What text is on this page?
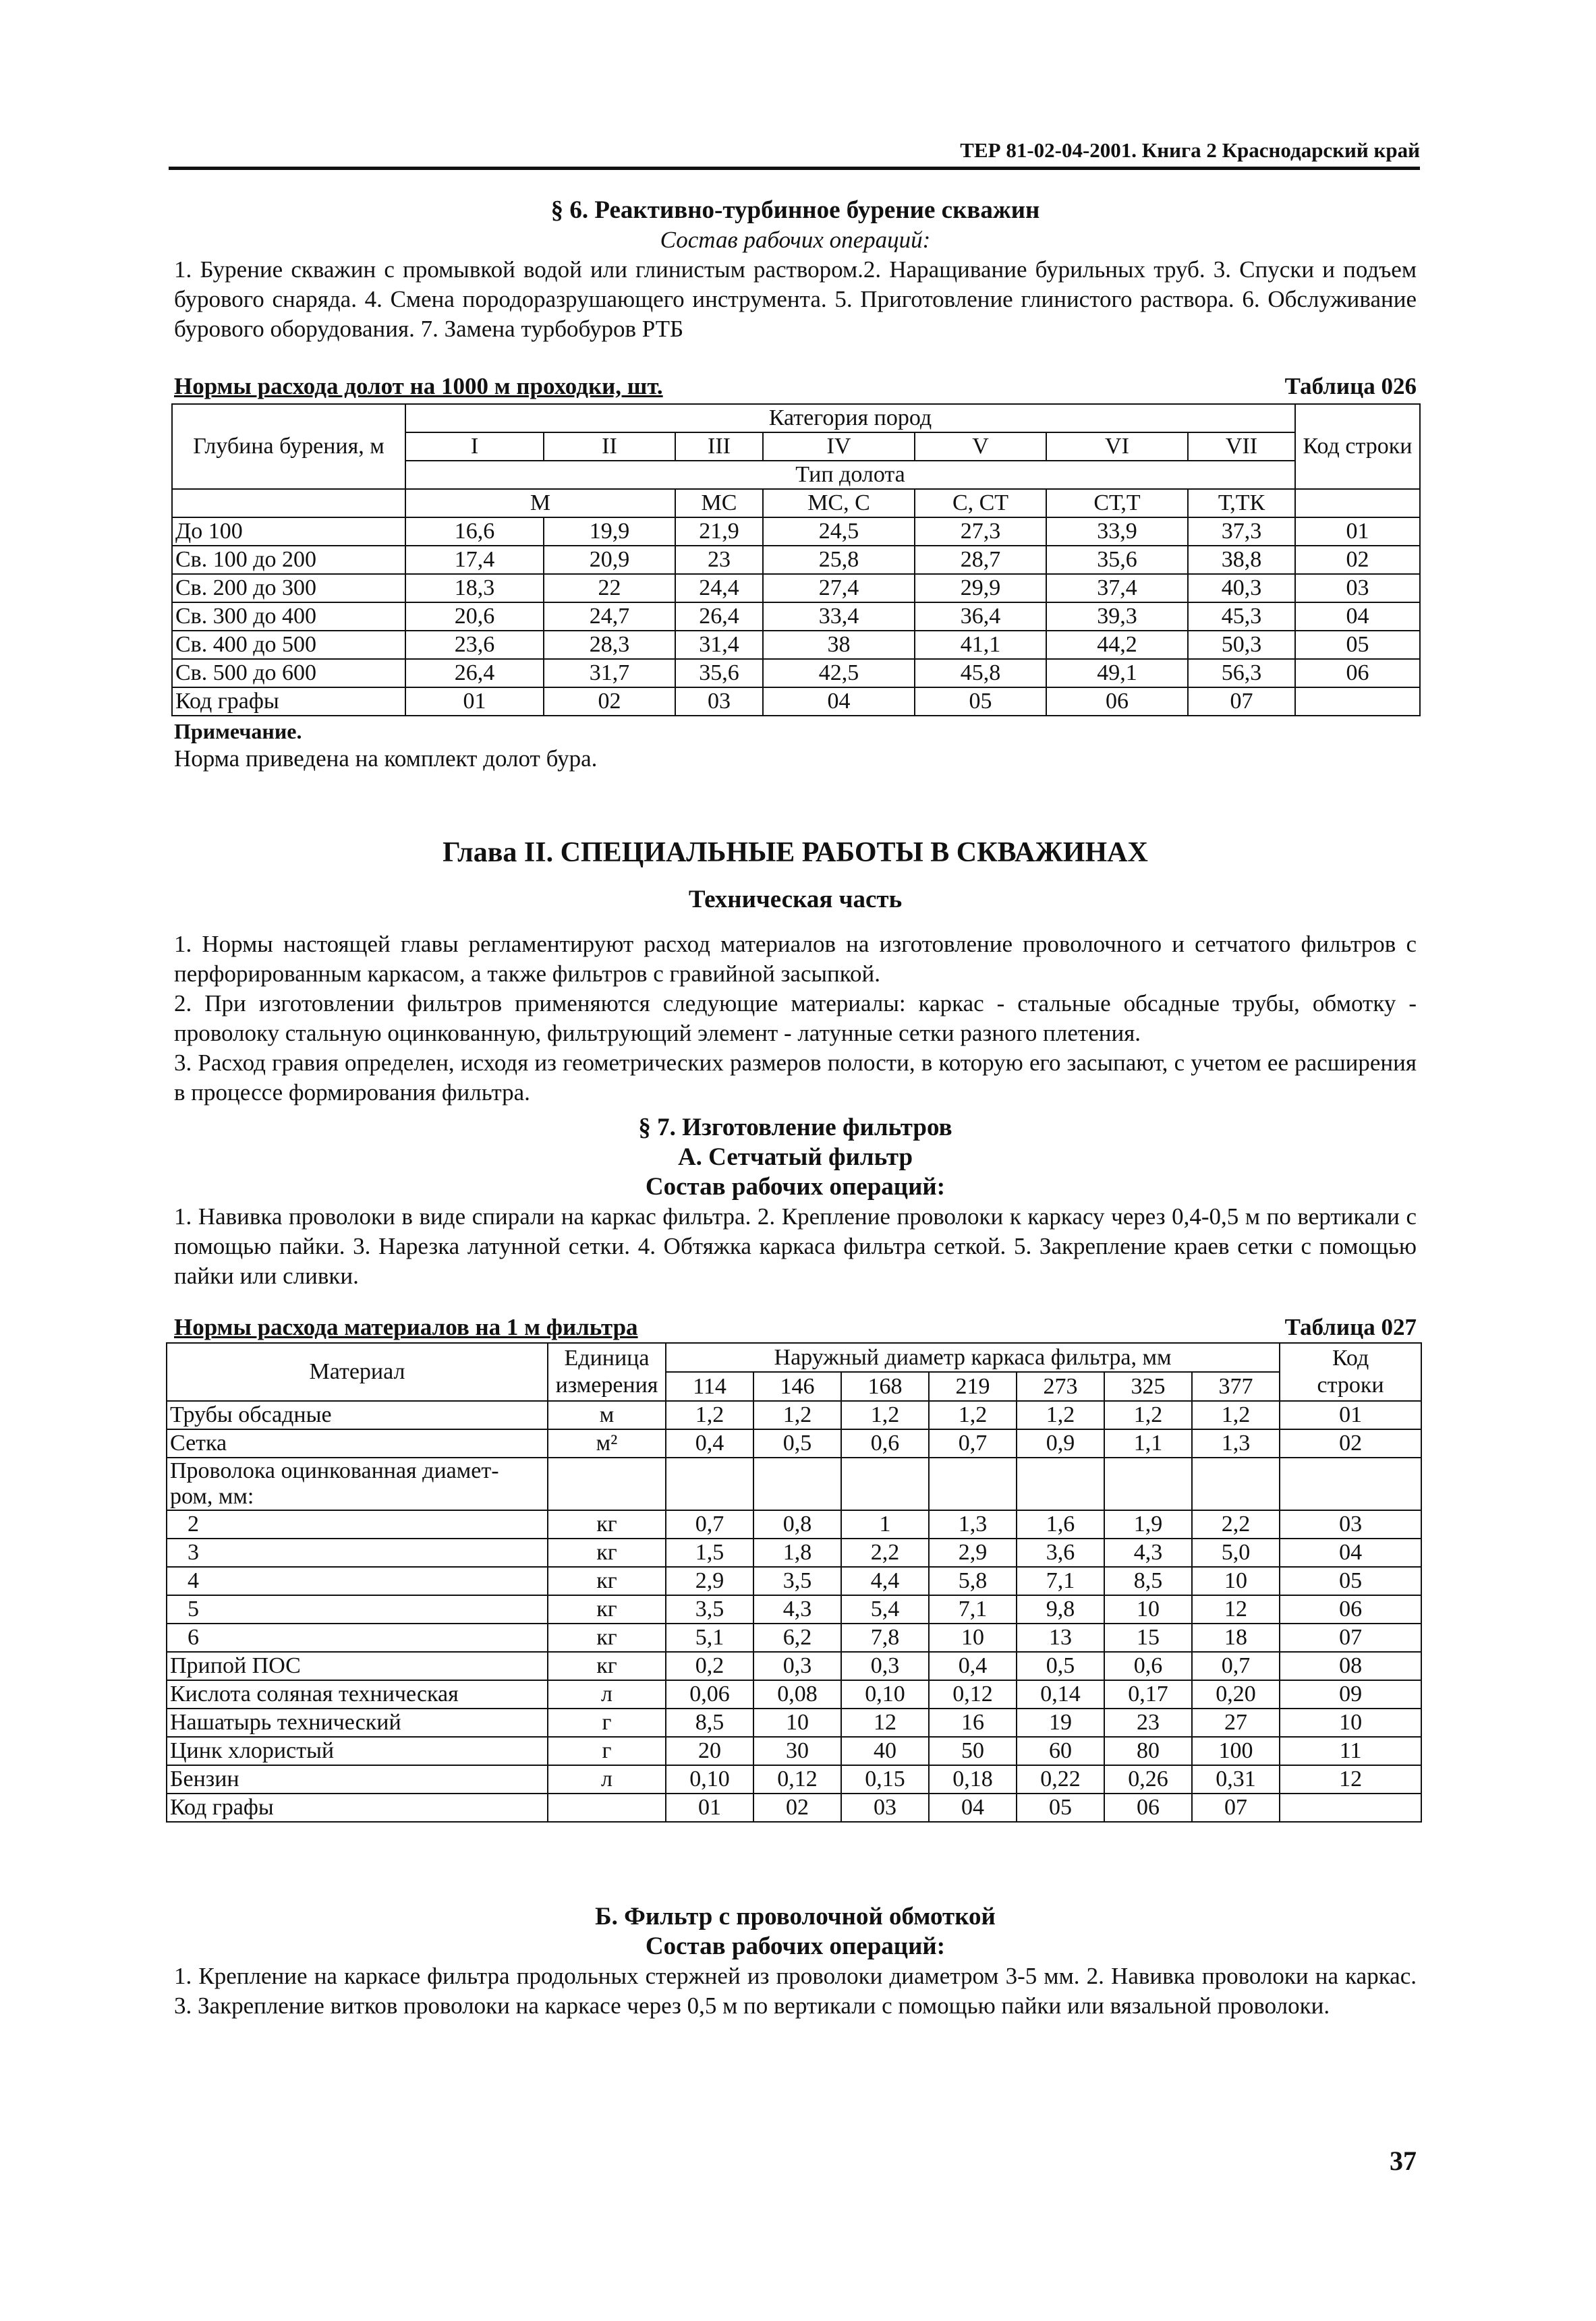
ТЕР 81-02-04-2001. Книга 2 Краснодарский край
§ 6. Реактивно-турбинное бурение скважин
Состав рабочих операций:

1. Бурение скважин с промывкой водой или глинистым раствором.2. Наращивание бурильных труб. 3. Спуски и подъем бурового снаряда. 4. Смена породоразрушающего инструмента. 5. Приготовление глинистого раствора. 6. Обслуживание бурового оборудования. 7. Замена турбобуров РТБ

Нормы расхода долот на 1000 м проходки, шт.	Таблица 026
Глубина бурения, м	Категория пород							Код строки
	I	II	III	IV	V	VI	VII	
	Тип долота							
	М		МС	МС, С	С, СТ	СТ,Т	Т,ТК	
До 100	16,6	19,9	21,9	24,5	27,3	33,9	37,3	01
Св. 100 до 200	17,4	20,9	23	25,8	28,7	35,6	38,8	02
Св. 200 до 300	18,3	22	24,4	27,4	29,9	37,4	40,3	03
Св. 300 до 400	20,6	24,7	26,4	33,4	36,4	39,3	45,3	04
Св. 400 до 500	23,6	28,3	31,4	38	41,1	44,2	50,3	05
Св. 500 до 600	26,4	31,7	35,6	42,5	45,8	49,1	56,3	06
Код графы	01	02	03	04	05	06	07	
Примечание.
Норма приведена на комплект долот бура.
Глава II. СПЕЦИАЛЬНЫЕ РАБОТЫ В СКВАЖИНАХ
Техническая часть

1. Нормы настоящей главы регламентируют расход материалов на изготовление проволочного и сетчатого фильтров с перфорированным каркасом, а также фильтров с гравийной засыпкой.

2. При изготовлении фильтров применяются следующие материалы: каркас - стальные обсадные трубы, обмотку - проволоку стальную оцинкованную, фильтрующий элемент - латунные сетки разного плетения.

3. Расход гравия определен, исходя из геометрических размеров полости, в которую его засыпают, с учетом ее расширения в процессе формирования фильтра.

§ 7. Изготовление фильтров
А. Сетчатый фильтр
Состав рабочих операций:

1. Навивка проволоки в виде спирали на каркас фильтра. 2. Крепление проволоки к каркасу через 0,4-0,5 м по вертикали с помощью пайки. 3. Нарезка латунной сетки. 4. Обтяжка каркаса фильтра сеткой. 5. Закрепление краев сетки с помощью пайки или сливки.

Нормы расхода материалов на 1 м фильтра	Таблица 027
Материал	Единица
измерения	Наружный диаметр каркаса фильтра, мм							Код
строки
		114	146	168	219	273	325	377	
Трубы обсадные	м	1,2	1,2	1,2	1,2	1,2	1,2	1,2	01
Сетка	м²	0,4	0,5	0,6	0,7	0,9	1,1	1,3	02
Проволока оцинкованная диамет-
ром, мм:									
2	кг	0,7	0,8	1	1,3	1,6	1,9	2,2	03
3	кг	1,5	1,8	2,2	2,9	3,6	4,3	5,0	04
4	кг	2,9	3,5	4,4	5,8	7,1	8,5	10	05
5	кг	3,5	4,3	5,4	7,1	9,8	10	12	06
6	кг	5,1	6,2	7,8	10	13	15	18	07
Припой ПОС	кг	0,2	0,3	0,3	0,4	0,5	0,6	0,7	08
Кислота соляная техническая	л	0,06	0,08	0,10	0,12	0,14	0,17	0,20	09
Нашатырь технический	г	8,5	10	12	16	19	23	27	10
Цинк хлористый	г	20	30	40	50	60	80	100	11
Бензин	л	0,10	0,12	0,15	0,18	0,22	0,26	0,31	12
Код графы		01	02	03	04	05	06	07	
Б. Фильтр с проволочной обмоткой
Состав рабочих операций:

1. Крепление на каркасе фильтра продольных стержней из проволоки диаметром 3-5 мм. 2. Навивка проволоки на каркас. 3. Закрепление витков проволоки на каркасе через 0,5 м по вертикали с помощью пайки или вязальной проволоки.

37
